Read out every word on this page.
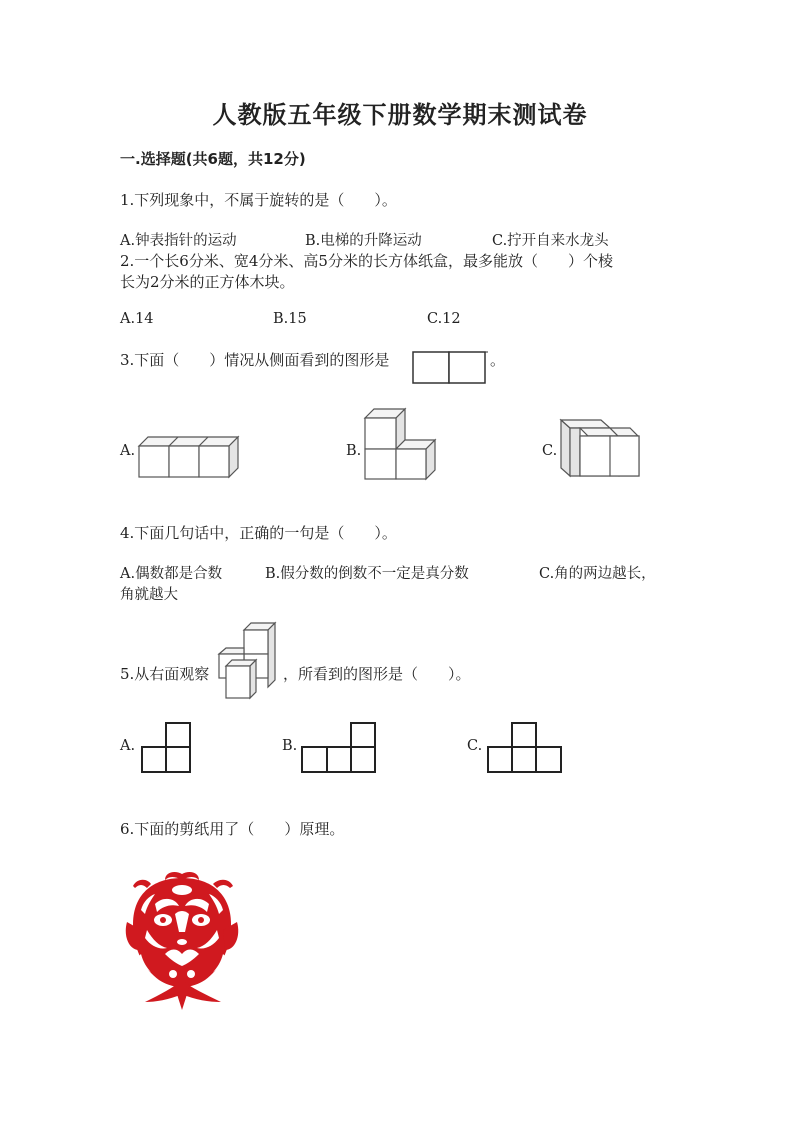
人教版五年级下册数学期末测试卷
一.选择题(共6题，共12分)
1.下列现象中，不属于旋转的是（　　）。
A.钟表指针的运动	B.电梯的升降运动	C.拧开自来水龙头
2.一个长6分米、宽4分米、高5分米的长方体纸盒，最多能放（　　）个棱
长为2分米的正方体木块。
A.14	B.15	C.12
3.下面（　　）情况从侧面看到的图形是	。
A.	B.	C.
4.下面几句话中，正确的一句是（　　）。
A.偶数都是合数	B.假分数的倒数不一定是真分数	C.角的两边越长，
角就越大
5.从右面观察	，所看到的图形是（　　）。
A.	B.	C.
6.下面的剪纸用了（　　）原理。
